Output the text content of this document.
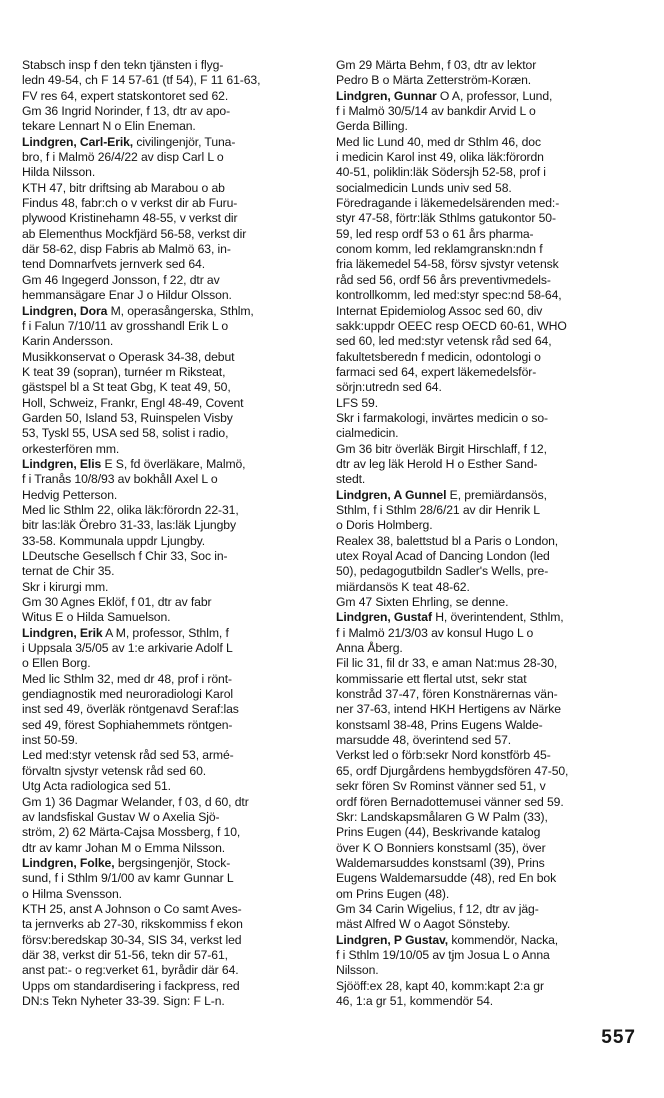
Stabsch insp f den tekn tjänsten i flyg-
ledn 49-54, ch F 14 57-61 (tf 54), F 11 61-63,
FV res 64, expert statskontoret sed 62.
Gm 36 Ingrid Norinder, f 13, dtr av apo-
tekare Lennart N o Elin Eneman.
Lindgren, Carl-Erik, civilingenjör, Tuna-
bro, f i Malmö 26/4/22 av disp Carl L o
Hilda Nilsson.
KTH 47, bitr driftsing ab Marabou o ab
Findus 48, fabr:ch o v verkst dir ab Furu-
plywood Kristinehamn 48-55, v verkst dir
ab Elementhus Mockfjärd 56-58, verkst dir
där 58-62, disp Fabris ab Malmö 63, in-
tend Domnarfvets jernverk sed 64.
Gm 46 Ingegerd Jonsson, f 22, dtr av
hemmansägare Enar J o Hildur Olsson.
Lindgren, Dora M, operasångerska, Sthlm,
f i Falun 7/10/11 av grosshandl Erik L o
Karin Andersson.
Musikkonservat o Operask 34-38, debut
K teat 39 (sopran), turnéer m Riksteat,
gästspel bl a St teat Gbg, K teat 49, 50,
Holl, Schweiz, Frankr, Engl 48-49, Covent
Garden 50, Island 53, Ruinspelen Visby
53, Tyskl 55, USA sed 58, solist i radio,
orkesterfören mm.
Lindgren, Elis E S, fd överläkare, Malmö,
f i Tranås 10/8/93 av bokhålI Axel L o
Hedvig Petterson.
Med lic Sthlm 22, olika läk:förordn 22-31,
bitr las:läk Örebro 31-33, las:läk Ljungby
33-58. Kommunala uppdr Ljungby.
LDeutsche Gesellsch f Chir 33, Soc in-
ternat de Chir 35.
Skr i kirurgi mm.
Gm 30 Agnes Eklöf, f 01, dtr av fabr
Witus E o Hilda Samuelson.
Lindgren, Erik A M, professor, Sthlm, f
i Uppsala 3/5/05 av 1:e arkivarie Adolf L
o Ellen Borg.
Med lic Sthlm 32, med dr 48, prof i rönt-
gendiagnostik med neuroradiologi Karol
inst sed 49, överläk röntgenavd Seraf:las
sed 49, förest Sophiahemmets röntgen-
inst 50-59.
Led med:styr vetensk råd sed 53, armé-
förvaltn sjvstyr vetensk råd sed 60.
Utg Acta radiologica sed 51.
Gm 1) 36 Dagmar Welander, f 03, d 60, dtr
av landsfiskal Gustav W o Axelia Sjö-
ström, 2) 62 Märta-Cajsa Mossberg, f 10,
dtr av kamr Johan M o Emma Nilsson.
Lindgren, Folke, bergsingenjör, Stock-
sund, f i Sthlm 9/1/00 av kamr Gunnar L
o Hilma Svensson.
KTH 25, anst A Johnson o Co samt Aves-
ta jernverks ab 27-30, rikskommiss f ekon
försv:beredskap 30-34, SIS 34, verkst led
där 38, verkst dir 51-56, tekn dir 57-61,
anst pat:- o reg:verket 61, byrådir där 64.
Upps om standardisering i fackpress, red
DN:s Tekn Nyheter 33-39. Sign: F L-n.
Gm 29 Märta Behm, f 03, dtr av lektor
Pedro B o Märta Zetterström-Koræn.
Lindgren, Gunnar O A, professor, Lund,
f i Malmö 30/5/14 av bankdir Arvid L o
Gerda Billing.
Med lic Lund 40, med dr Sthlm 46, doc
i medicin Karol inst 49, olika läk:förordn
40-51, poliklin:läk Södersjh 52-58, prof i
socialmedicin Lunds univ sed 58.
Föredragande i läkemedelsärenden med:-
styr 47-58, förtr:läk Sthlms gatukontor 50-
59, led resp ordf 53 o 61 års pharma-
conom komm, led reklamgranskn:ndn f
fria läkemedel 54-58, försv sjvstyr vetensk
råd sed 56, ordf 56 års preventivmedels-
kontrollkomm, led med:styr spec:nd 58-64,
Internat Epidemiolog Assoc sed 60, div
sakk:uppdr OEEC resp OECD 60-61, WHO
sed 60, led med:styr vetensk råd sed 64,
fakultetsberedn f medicin, odontologi o
farmaci sed 64, expert läkemedelsför-
sörjn:utredn sed 64.
LFS 59.
Skr i farmakologi, invärtes medicin o so-
cialmedicin.
Gm 36 bitr överläk Birgit Hirschlaff, f 12,
dtr av leg läk Herold H o Esther Sand-
stedt.
Lindgren, A Gunnel E, premiärdansös,
Sthlm, f i Sthlm 28/6/21 av dir Henrik L
o Doris Holmberg.
Realex 38, balettstud bl a Paris o London,
utex Royal Acad of Dancing London (led
50), pedagogutbildn Sadler's Wells, pre-
miärdansös K teat 48-62.
Gm 47 Sixten Ehrling, se denne.
Lindgren, Gustaf H, överintendent, Sthlm,
f i Malmö 21/3/03 av konsul Hugo L o
Anna Åberg.
Fil lic 31, fil dr 33, e aman Nat:mus 28-30,
kommissarie ett flertal utst, sekr stat
konstråd 37-47, fören Konstnärernas vän-
ner 37-63, intend HKH Hertigens av Närke
konstsaml 38-48, Prins Eugens Walde-
marsudde 48, överintend sed 57.
Verkst led o förb:sekr Nord konstförb 45-
65, ordf Djurgårdens hembygdsfören 47-50,
sekr fören Sv Rominst vänner sed 51, v
ordf fören Bernadottemusei vänner sed 59.
Skr: Landskapsmålaren G W Palm (33),
Prins Eugen (44), Beskrivande katalog
över K O Bonniers konstsaml (35), över
Waldemarsuddes konstsaml (39), Prins
Eugens Waldemarsudde (48), red En bok
om Prins Eugen (48).
Gm 34 Carin Wigelius, f 12, dtr av jäg-
mäst Alfred W o Aagot Sönsteby.
Lindgren, P Gustav, kommendör, Nacka,
f i Sthlm 19/10/05 av tjm Josua L o Anna
Nilsson.
Sjööff:ex 28, kapt 40, komm:kapt 2:a gr
46, 1:a gr 51, kommendör 54.
557
